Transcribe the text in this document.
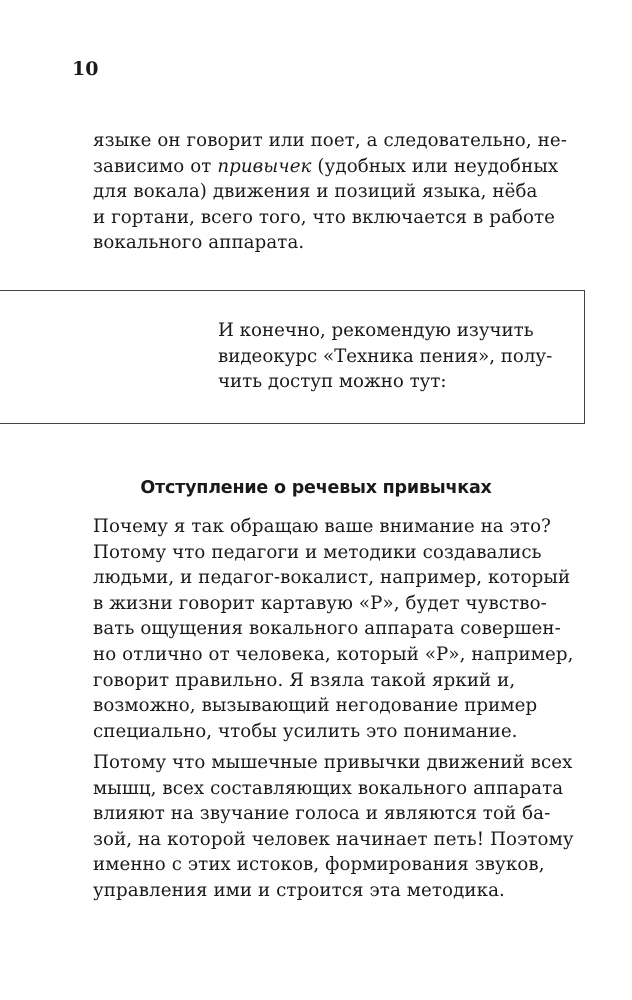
10
языке он говорит или поет, а следовательно, не-
зависимо от привычек (удобных или неудобных
для вокала) движения и позиций языка, нёба
и гортани, всего того, что включается в работе
вокального аппарата.
И конечно, рекомендую изучить
видеокурс «Техника пения», полу-
чить доступ можно тут:
Отступление о речевых привычках
Почему я так обращаю ваше внимание на это?
Потому что педагоги и методики создавались
людьми, и педагог-вокалист, например, который
в жизни говорит картавую «Р», будет чувство-
вать ощущения вокального аппарата совершен-
но отлично от человека, который «Р», например,
говорит правильно. Я взяла такой яркий и,
возможно, вызывающий негодование пример
специально, чтобы усилить это понимание.
Потому что мышечные привычки движений всех
мышц, всех составляющих вокального аппарата
влияют на звучание голоса и являются той ба-
зой, на которой человек начинает петь! Поэтому
именно с этих истоков, формирования звуков,
управления ими и строится эта методика.
